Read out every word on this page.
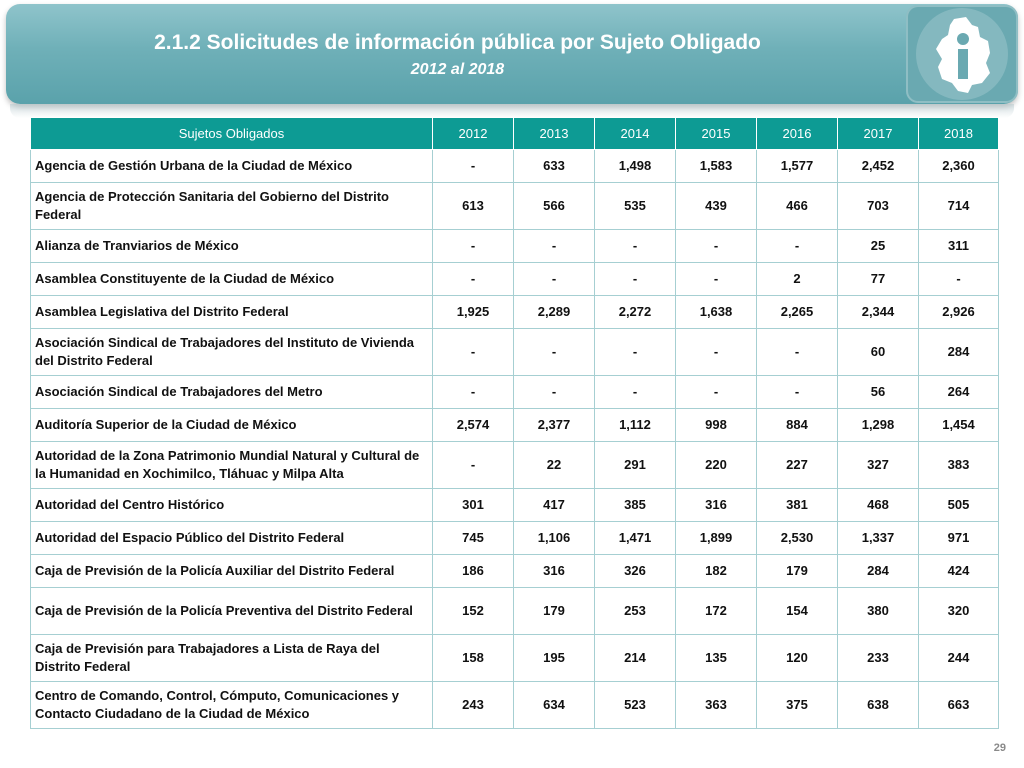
2.1.2 Solicitudes de información pública por Sujeto Obligado
2012 al 2018
Sujetos Obligados	2012	2013	2014	2015	2016	2017	2018
Agencia de Gestión Urbana de la Ciudad de México	-	633	1,498	1,583	1,577	2,452	2,360
Agencia de Protección Sanitaria del Gobierno del Distrito Federal	613	566	535	439	466	703	714
Alianza de Tranviarios de México	-	-	-	-	-	25	311
Asamblea Constituyente de la Ciudad de México	-	-	-	-	2	77	-
Asamblea Legislativa del Distrito Federal	1,925	2,289	2,272	1,638	2,265	2,344	2,926
Asociación Sindical de Trabajadores del Instituto de Vivienda del Distrito Federal	-	-	-	-	-	60	284
Asociación Sindical de Trabajadores del Metro	-	-	-	-	-	56	264
Auditoría Superior de la Ciudad de México	2,574	2,377	1,112	998	884	1,298	1,454
Autoridad de la Zona Patrimonio Mundial Natural y Cultural de la Humanidad en Xochimilco, Tláhuac y Milpa Alta	-	22	291	220	227	327	383
Autoridad del Centro Histórico	301	417	385	316	381	468	505
Autoridad del Espacio Público del Distrito Federal	745	1,106	1,471	1,899	2,530	1,337	971
Caja de Previsión de la Policía Auxiliar del Distrito Federal	186	316	326	182	179	284	424
Caja de Previsión de la Policía Preventiva del Distrito Federal	152	179	253	172	154	380	320
Caja de Previsión para Trabajadores a Lista de Raya del Distrito Federal	158	195	214	135	120	233	244
Centro de Comando, Control, Cómputo, Comunicaciones y Contacto Ciudadano de la Ciudad de México	243	634	523	363	375	638	663
29
